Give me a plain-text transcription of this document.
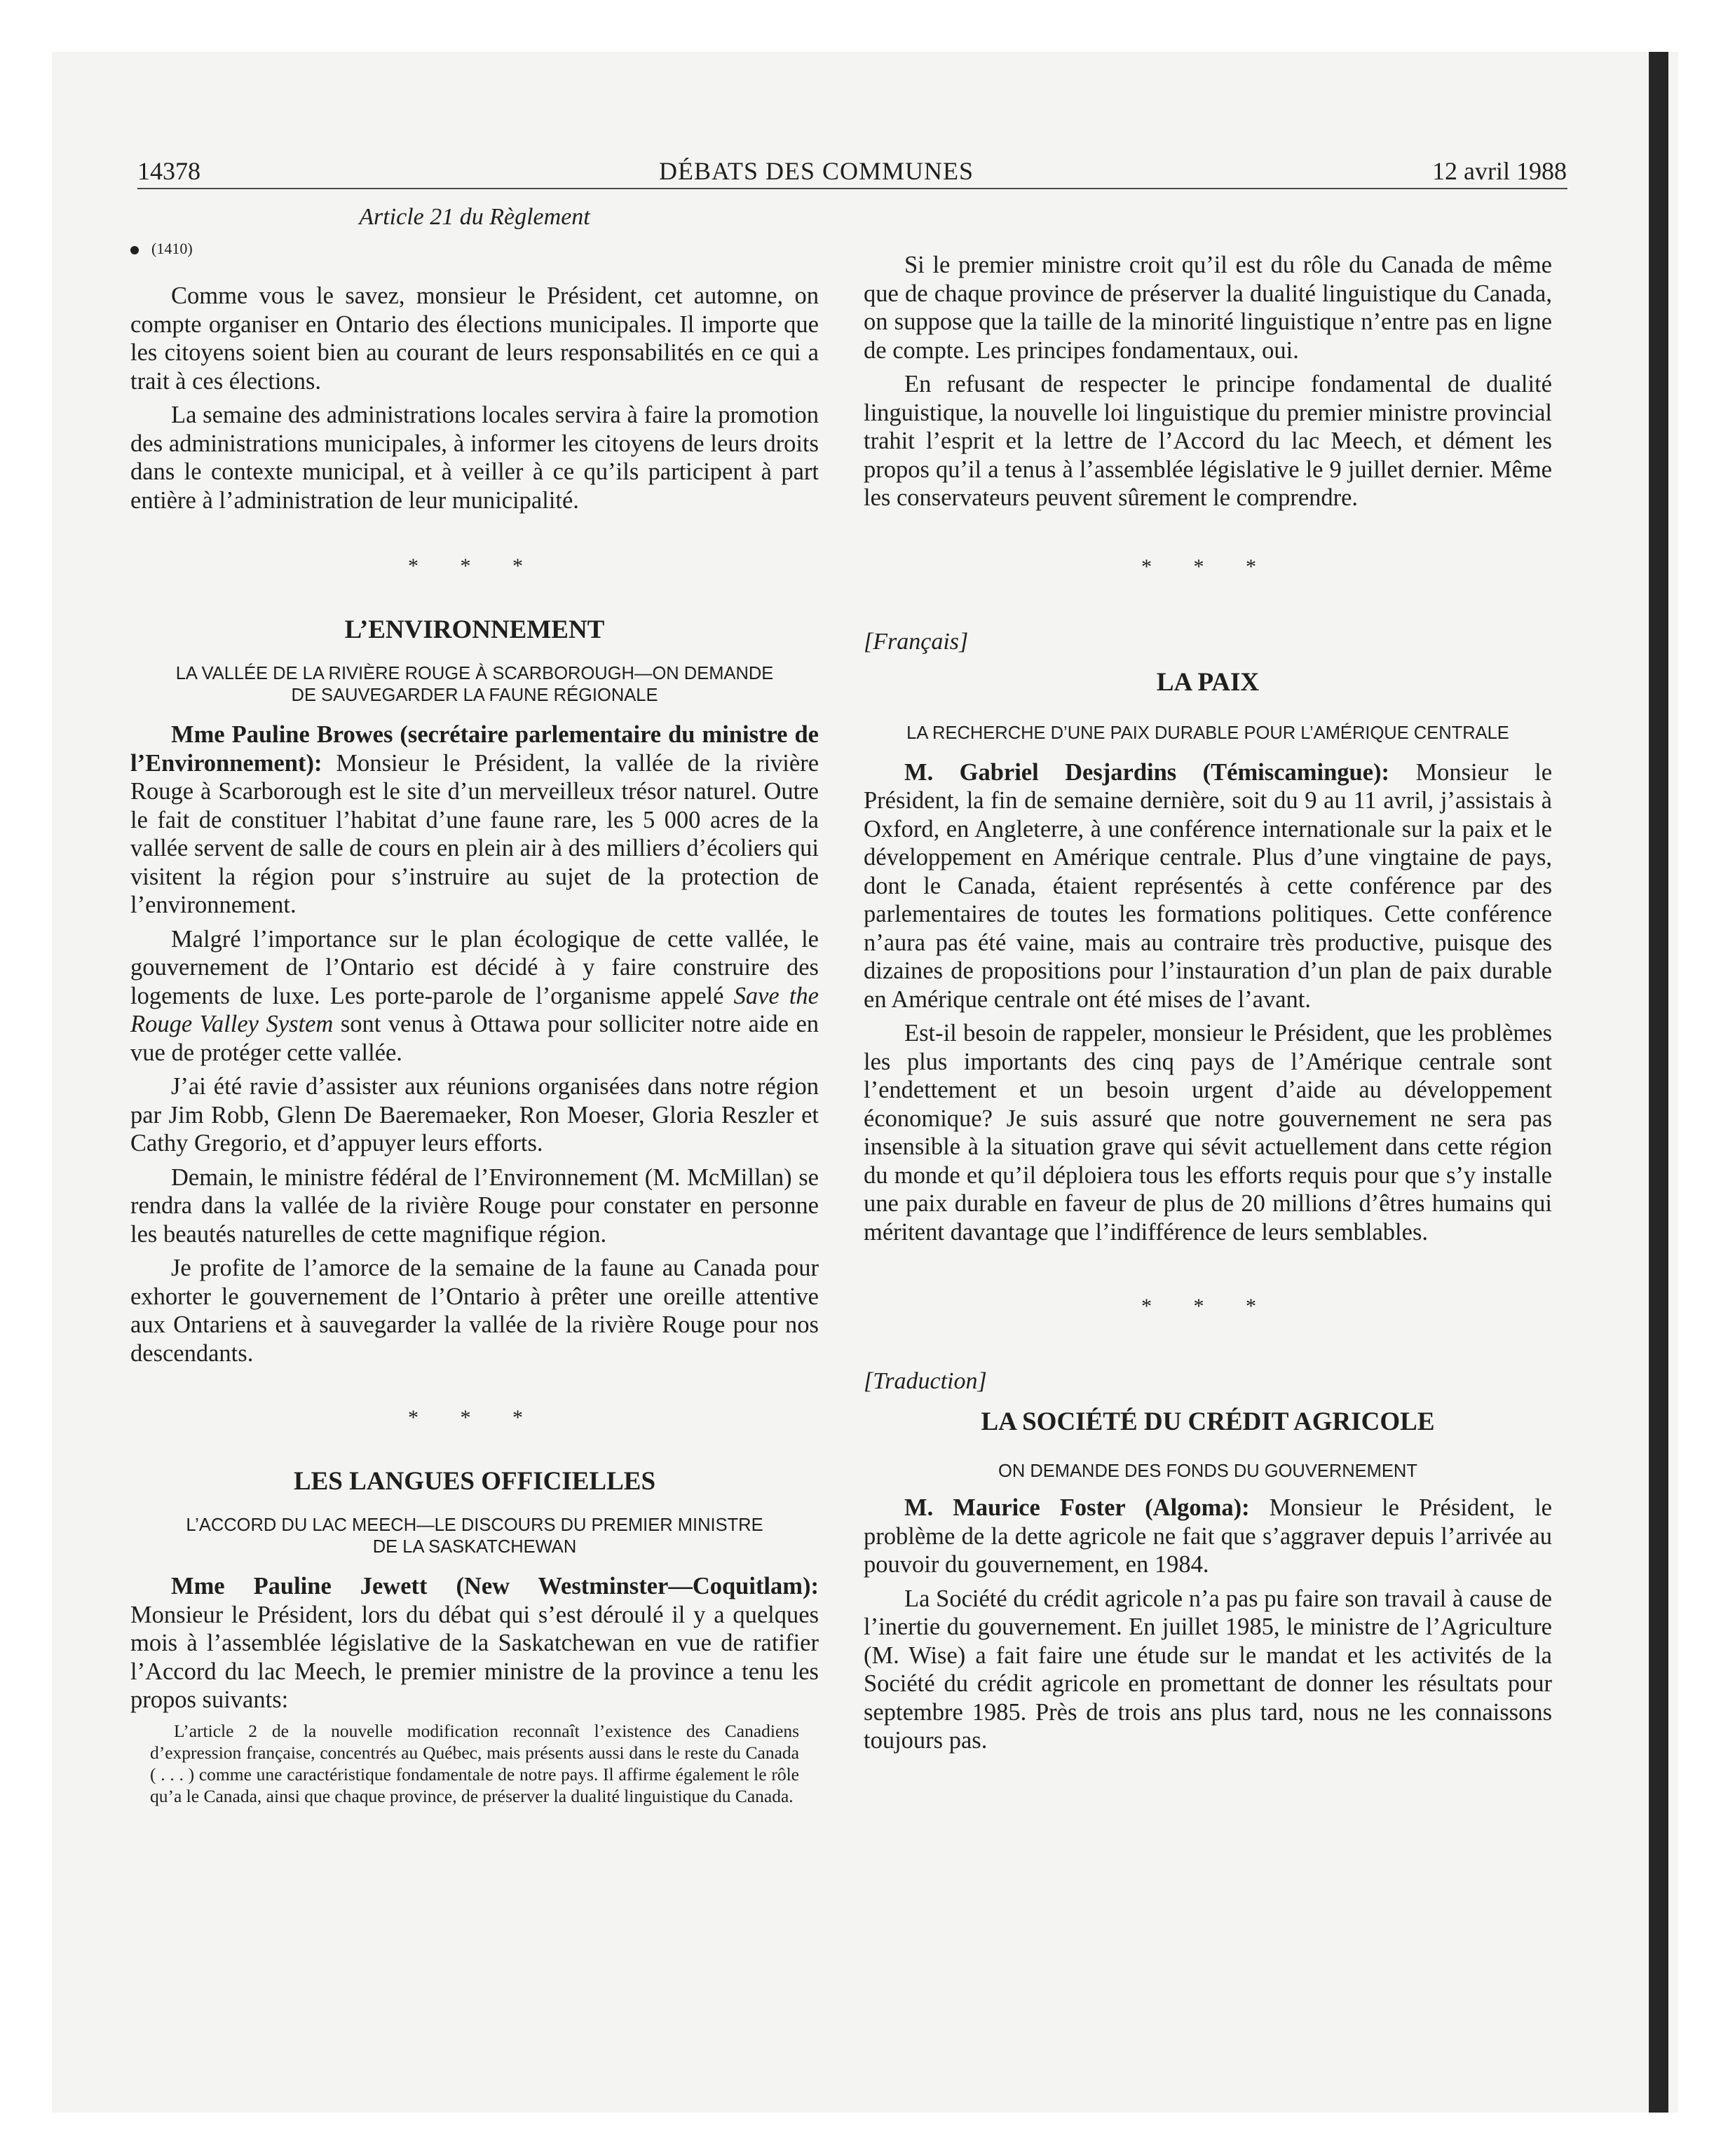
14378	DÉBATS DES COMMUNES	12 avril 1988

Article 21 du Règlement

(1410)

Comme vous le savez, monsieur le Président, cet automne, on compte organiser en Ontario des élections municipales. Il importe que les citoyens soient bien au courant de leurs responsabilités en ce qui a trait à ces élections.

La semaine des administrations locales servira à faire la promotion des administrations municipales, à informer les citoyens de leurs droits dans le contexte municipal, et à veiller à ce qu’ils participent à part entière à l’administration de leur municipalité.

* * *

L’ENVIRONNEMENT

LA VALLÉE DE LA RIVIÈRE ROUGE À SCARBOROUGH—ON DEMANDE DE SAUVEGARDER LA FAUNE RÉGIONALE

Mme Pauline Browes (secrétaire parlementaire du ministre de l’Environnement): Monsieur le Président, la vallée de la rivière Rouge à Scarborough est le site d’un merveilleux trésor naturel. Outre le fait de constituer l’habitat d’une faune rare, les 5 000 acres de la vallée servent de salle de cours en plein air à des milliers d’écoliers qui visitent la région pour s’instruire au sujet de la protection de l’environnement.

Malgré l’importance sur le plan écologique de cette vallée, le gouvernement de l’Ontario est décidé à y faire construire des logements de luxe. Les porte-parole de l’organisme appelé Save the Rouge Valley System sont venus à Ottawa pour solliciter notre aide en vue de protéger cette vallée.

J’ai été ravie d’assister aux réunions organisées dans notre région par Jim Robb, Glenn De Baeremaeker, Ron Moeser, Gloria Reszler et Cathy Gregorio, et d’appuyer leurs efforts.

Demain, le ministre fédéral de l’Environnement (M. McMillan) se rendra dans la vallée de la rivière Rouge pour constater en personne les beautés naturelles de cette magnifique région.

Je profite de l’amorce de la semaine de la faune au Canada pour exhorter le gouvernement de l’Ontario à prêter une oreille attentive aux Ontariens et à sauvegarder la vallée de la rivière Rouge pour nos descendants.

* * *

LES LANGUES OFFICIELLES

L’ACCORD DU LAC MEECH—LE DISCOURS DU PREMIER MINISTRE DE LA SASKATCHEWAN

Mme Pauline Jewett (New Westminster—Coquitlam): Monsieur le Président, lors du débat qui s’est déroulé il y a quelques mois à l’assemblée législative de la Saskatchewan en vue de ratifier l’Accord du lac Meech, le premier ministre de la province a tenu les propos suivants:

L’article 2 de la nouvelle modification reconnaît l’existence des Canadiens d’expression française, concentrés au Québec, mais présents aussi dans le reste du Canada ( . . . ) comme une caractéristique fondamentale de notre pays. Il affirme également le rôle qu’a le Canada, ainsi que chaque province, de préserver la dualité linguistique du Canada.

Si le premier ministre croit qu’il est du rôle du Canada de même que de chaque province de préserver la dualité linguistique du Canada, on suppose que la taille de la minorité linguistique n’entre pas en ligne de compte. Les principes fondamentaux, oui.

En refusant de respecter le principe fondamental de dualité linguistique, la nouvelle loi linguistique du premier ministre provincial trahit l’esprit et la lettre de l’Accord du lac Meech, et dément les propos qu’il a tenus à l’assemblée législative le 9 juillet dernier. Même les conservateurs peuvent sûrement le comprendre.

* * *

[Français]

LA PAIX

LA RECHERCHE D’UNE PAIX DURABLE POUR L’AMÉRIQUE CENTRALE

M. Gabriel Desjardins (Témiscamingue): Monsieur le Président, la fin de semaine dernière, soit du 9 au 11 avril, j’assistais à Oxford, en Angleterre, à une conférence internationale sur la paix et le développement en Amérique centrale. Plus d’une vingtaine de pays, dont le Canada, étaient représentés à cette conférence par des parlementaires de toutes les formations politiques. Cette conférence n’aura pas été vaine, mais au contraire très productive, puisque des dizaines de propositions pour l’instauration d’un plan de paix durable en Amérique centrale ont été mises de l’avant.

Est-il besoin de rappeler, monsieur le Président, que les problèmes les plus importants des cinq pays de l’Amérique centrale sont l’endettement et un besoin urgent d’aide au développement économique? Je suis assuré que notre gouvernement ne sera pas insensible à la situation grave qui sévit actuellement dans cette région du monde et qu’il déploiera tous les efforts requis pour que s’y installe une paix durable en faveur de plus de 20 millions d’êtres humains qui méritent davantage que l’indifférence de leurs semblables.

* * *

[Traduction]

LA SOCIÉTÉ DU CRÉDIT AGRICOLE

ON DEMANDE DES FONDS DU GOUVERNEMENT

M. Maurice Foster (Algoma): Monsieur le Président, le problème de la dette agricole ne fait que s’aggraver depuis l’arrivée au pouvoir du gouvernement, en 1984.

La Société du crédit agricole n’a pas pu faire son travail à cause de l’inertie du gouvernement. En juillet 1985, le ministre de l’Agriculture (M. Wise) a fait faire une étude sur le mandat et les activités de la Société du crédit agricole en promettant de donner les résultats pour septembre 1985. Près de trois ans plus tard, nous ne les connaissons toujours pas.
